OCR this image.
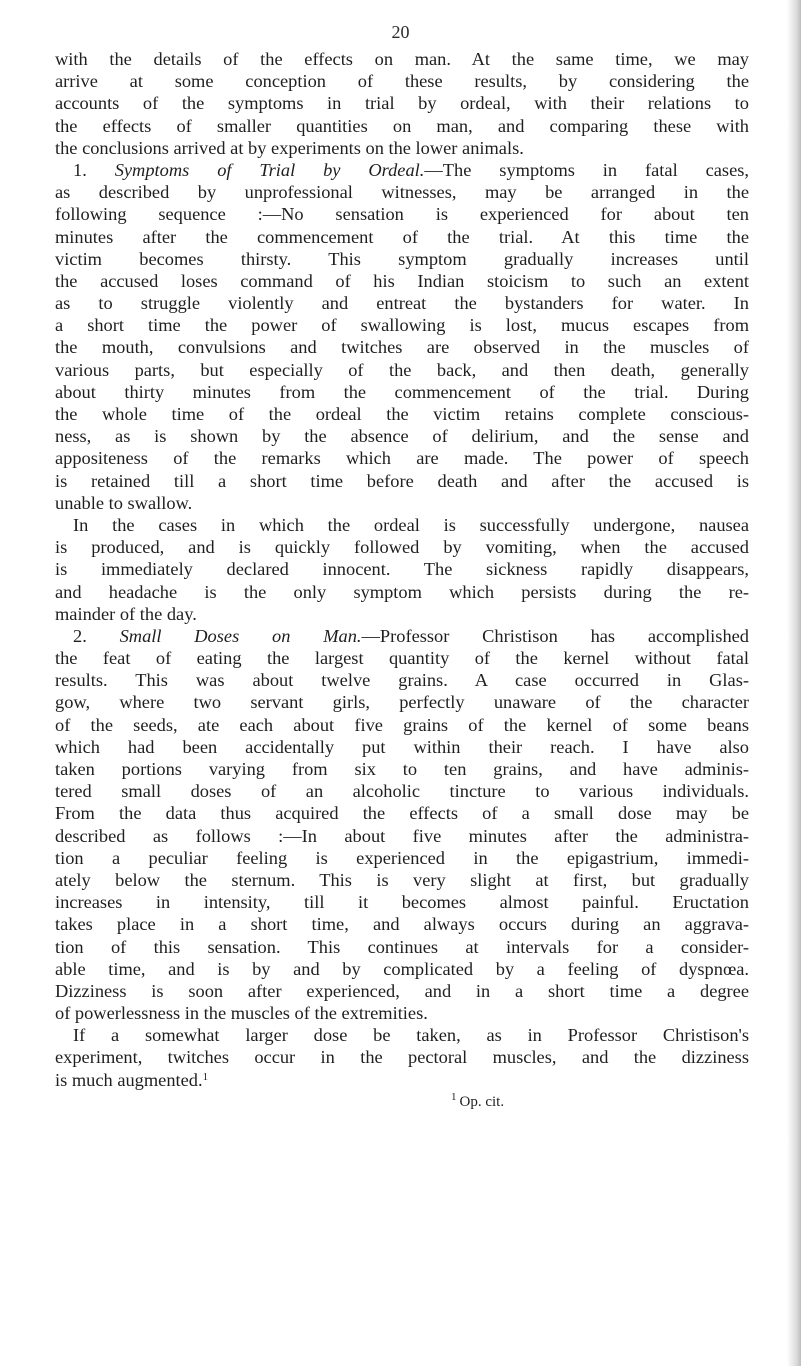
20
with the details of the effects on man. At the same time, we may
arrive at some conception of these results, by considering the
accounts of the symptoms in trial by ordeal, with their relations to
the effects of smaller quantities on man, and comparing these with
the conclusions arrived at by experiments on the lower animals.
1. Symptoms of Trial by Ordeal.—The symptoms in fatal cases,
as described by unprofessional witnesses, may be arranged in the
following sequence :—No sensation is experienced for about ten
minutes after the commencement of the trial. At this time the
victim becomes thirsty. This symptom gradually increases until
the accused loses command of his Indian stoicism to such an extent
as to struggle violently and entreat the bystanders for water. In
a short time the power of swallowing is lost, mucus escapes from
the mouth, convulsions and twitches are observed in the muscles of
various parts, but especially of the back, and then death, generally
about thirty minutes from the commencement of the trial. During
the whole time of the ordeal the victim retains complete conscious-
ness, as is shown by the absence of delirium, and the sense and
appositeness of the remarks which are made. The power of speech
is retained till a short time before death and after the accused is
unable to swallow.
In the cases in which the ordeal is successfully undergone, nausea
is produced, and is quickly followed by vomiting, when the accused
is immediately declared innocent. The sickness rapidly disappears,
and headache is the only symptom which persists during the re-
mainder of the day.
2. Small Doses on Man.—Professor Christison has accomplished
the feat of eating the largest quantity of the kernel without fatal
results. This was about twelve grains. A case occurred in Glas-
gow, where two servant girls, perfectly unaware of the character
of the seeds, ate each about five grains of the kernel of some beans
which had been accidentally put within their reach. I have also
taken portions varying from six to ten grains, and have adminis-
tered small doses of an alcoholic tincture to various individuals.
From the data thus acquired the effects of a small dose may be
described as follows :—In about five minutes after the administra-
tion a peculiar feeling is experienced in the epigastrium, immedi-
ately below the sternum. This is very slight at first, but gradually
increases in intensity, till it becomes almost painful. Eructation
takes place in a short time, and always occurs during an aggrava-
tion of this sensation. This continues at intervals for a consider-
able time, and is by and by complicated by a feeling of dyspnœa.
Dizziness is soon after experienced, and in a short time a degree
of powerlessness in the muscles of the extremities.
If a somewhat larger dose be taken, as in Professor Christison's
experiment, twitches occur in the pectoral muscles, and the dizziness
is much augmented.$^1$
$^1$ Op. cit.
